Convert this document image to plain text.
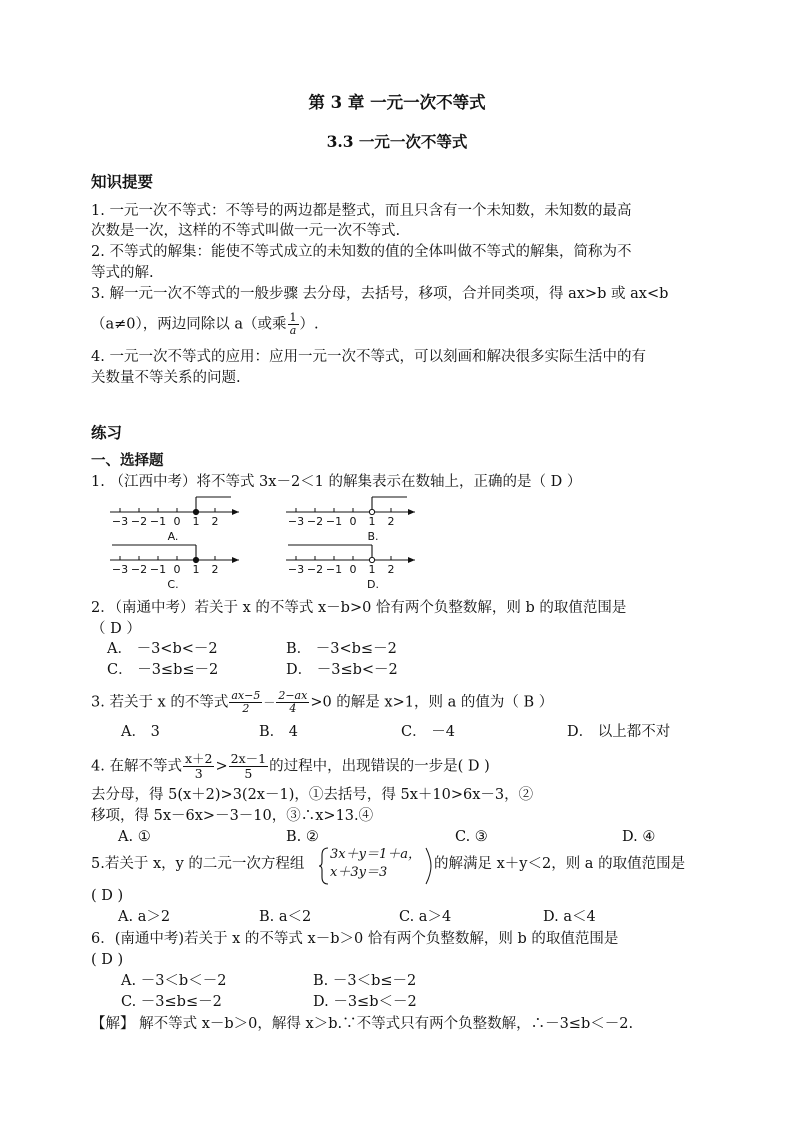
第 3 章 一元一次不等式
3.3 一元一次不等式
知识提要
1. 一元一次不等式：不等号的两边都是整式，而且只含有一个未知数，未知数的最高
次数是一次，这样的不等式叫做一元一次不等式.
2. 不等式的解集：能使不等式成立的未知数的值的全体叫做不等式的解集，简称为不
等式的解.
3. 解一元一次不等式的一般步骤 去分母，去括号，移项，合并同类项，得 ax>b 或 ax<b
（a≠0），两边同除以 a（或乘 $\frac{1}{a}$ ）.
4. 一元一次不等式的应用：应用一元一次不等式，可以刻画和解决很多实际生活中的有
关数量不等关系的问题.
练习
一、选择题
1. （江西中考）将不等式 3x－2＜1 的解集表示在数轴上，正确的是（ D ）
−3 −2 −1 0 1 2
A.
−3 −2 −1 0 1 2
B.
−3 −2 −1 0 1 2
C.
−3 −2 −1 0 1 2
D.
2．（南通中考）若关于 x 的不等式 x－b>0 恰有两个负整数解，则 b 的取值范围是
（ D ）
A． －3<b<－2	B． －3<b≤－2
C． －3≤b≤－2	D． －3≤b<－2
3. 若关于 x 的不等式 $\frac{ax-5}{2} - \frac{2-ax}{4} >0$ 的解是 x>1，则 a 的值为（ B ）
A． 3	B． 4	C． －4	D． 以上都不对
4. 在解不等式 $\frac{x+2}{3} > \frac{2x-1}{5}$ 的过程中，出现错误的一步是( D )
去分母，得 5(x＋2)>3(2x－1)，①去括号，得 5x＋10>6x－3，②
移项，得 5x－6x>－3－10，③∴x>13.④
A. ①	B. ②	C. ③	D. ④
5.若关于 x，y 的二元一次方程组
3x＋y＝1＋a，
x＋3y＝3
的解满足 x＋y＜2，则 a 的取值范围是
( D )
A. a＞2	B. a＜2	C. a＞4	D. a＜4
6．(南通中考)若关于 x 的不等式 x－b＞0 恰有两个负整数解，则 b 的取值范围是
( D )
A. －3＜b＜－2	B. －3＜b≤－2
C. －3≤b≤－2	D. －3≤b＜－2
【解】 解不等式 x－b＞0，解得 x＞b.∵不等式只有两个负整数解，∴－3≤b＜－2.
